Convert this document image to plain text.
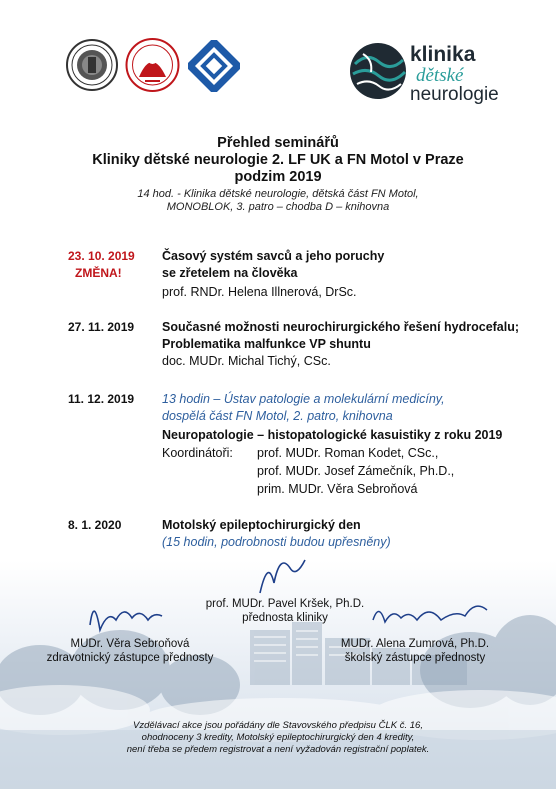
klinika
dětské
neurologie
Přehled seminářů
Kliniky dětské neurologie 2. LF UK a FN Motol v Praze
podzim 2019
14 hod. - Klinika dětské neurologie, dětská část FN Motol,
MONOBLOK, 3. patro – chodba D – knihovna
23. 10. 2019
ZMĚNA!
Časový systém savců a jeho poruchy
se zřetelem na člověka
prof. RNDr. Helena Illnerová, DrSc.
27. 11. 2019 Současné možnosti neurochirurgického řešení hydrocefalu;
Problematika malfunkce VP shuntu
doc. MUDr. Michal Tichý, CSc.
11. 12. 2019 13 hodin – Ústav patologie a molekulární medicíny,
dospělá část FN Motol, 2. patro, knihovna
Neuropatologie – histopatologické kasuistiky z roku 2019
Koordinátoři: prof. MUDr. Roman Kodet, CSc.,
prof. MUDr. Josef Zámečník, Ph.D.,
prim. MUDr. Věra Sebroňová
8. 1. 2020	Motolský epileptochirurgický den
(15 hodin, podrobnosti budou upřesněny)
prof. MUDr. Pavel Kršek, Ph.D.
přednosta kliniky
MUDr. Věra Sebroňová
zdravotnický zástupce přednosty
MUDr. Alena Zumrová, Ph.D.
školský zástupce přednosty
Vzdělávací akce jsou pořádány dle Stavovského předpisu ČLK č. 16,
ohodnoceny 3 kredity, Motolský epileptochirurgický den 4 kredity,
není třeba se předem registrovat a není vyžadován registrační poplatek.
